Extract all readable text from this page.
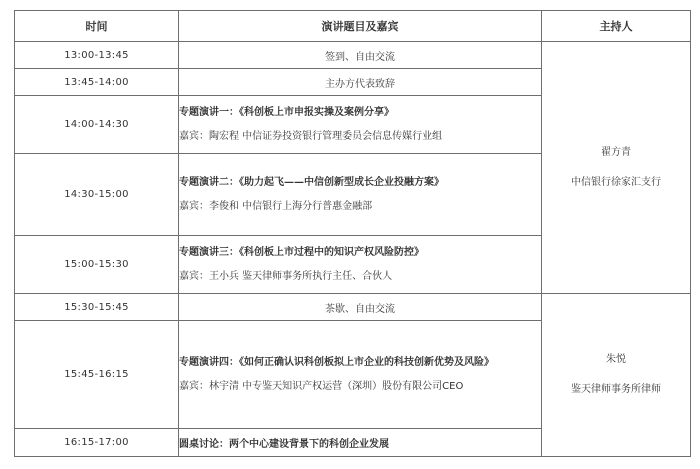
时间	演讲题目及嘉宾	主持人
13:00-13:45	签到、自由交流	翟方青
中信银行徐家汇支行

13:45-14:00	主办方代表致辞	
14:00-14:30	专题演讲一：《科创板上市申报实操及案例分享》
嘉宾：陶宏程 中信证券投资银行管理委员会信息传媒行业组	

14:30-15:00	专题演讲二：《助力起飞——中信创新型成长企业投融方案》
嘉宾：李俊和 中信银行上海分行普惠金融部	

15:00-15:30	专题演讲三：《科创板上市过程中的知识产权风险防控》
嘉宾：王小兵 鉴天律师事务所执行主任、合伙人	

15:30-15:45	茶歇、自由交流	朱悦
鉴天律师事务所律师

15:45-16:15	专题演讲四：《如何正确认识科创板拟上市企业的科技创新优势及风险》
嘉宾：林宇清 中专鉴天知识产权运营（深圳）股份有限公司CEO	

16:15-17:00	圆桌讨论：两个中心建设背景下的科创企业发展	
